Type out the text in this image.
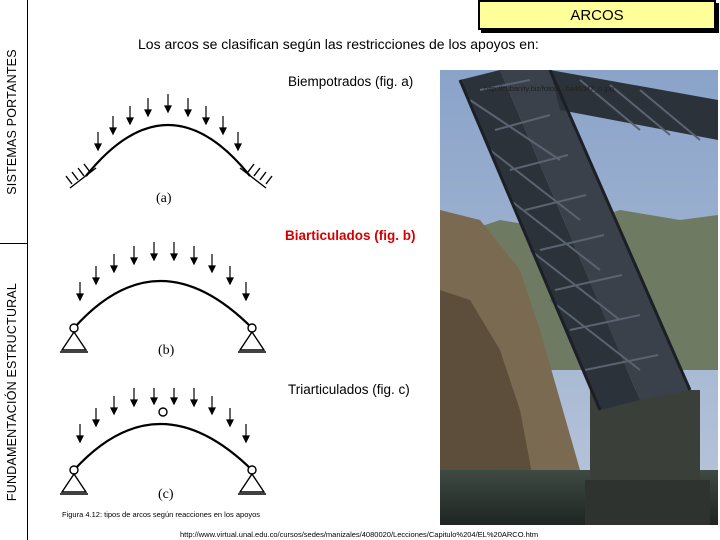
SISTEMAS PORTANTES
FUNDAMENTACIÓN ESTRUCTURAL
ARCOS
Los arcos se clasifican según las restricciones de los apoyos en:
http://cubanity.biz/fotos/...ba46d47_o.jpg
Biempotrados (fig. a)
Biarticulados (fig. b)
Triarticulados (fig. c)
(a)
(b)
(c)
Figura 4.12: tipos de arcos según reacciones en los apoyos
http://www.virtual.unal.edu.co/cursos/sedes/manizales/4080020/Lecciones/Capitulo%204/EL%20ARCO.htm
